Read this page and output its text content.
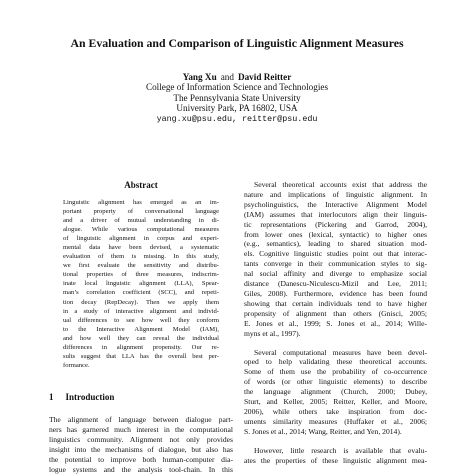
An Evaluation and Comparison of Linguistic Alignment Measures
Yang Xu and David Reitter
College of Information Science and Technologies
The Pennsylvania State University
University Park, PA 16802, USA
yang.xu@psu.edu, reitter@psu.edu
Abstract
Linguistic alignment has emerged as an im-
portant property of conversational language
and a driver of mutual understanding in di-
alogue. While various computational measures
of linguistic alignment in corpus and experi-
mental data have been devised, a systematic
evaluation of them is missing. In this study,
we first evaluate the sensitivity and distribu-
tional properties of three measures, indiscrim-
inate local linguistic alignment (LLA), Spear-
man’s correlation coefficient (SCC), and repeti-
tion decay (RepDecay). Then we apply them
in a study of interactive alignment and individ-
ual differences to see how well they conform
to the Interactive Alignment Model (IAM),
and how well they can reveal the individual
differences in alignment propensity. Our re-
sults suggest that LLA has the overall best per-
formance.
1 Introduction
The alignment of language between dialogue part-
ners has garnered much interest in the computational
linguistics community. Alignment not only provides
insight into the mechanisms of dialogue, but also has
the potential to improve both human-computer dia-
logue systems and the analysis tool-chain. In this
Several theoretical accounts exist that address the
nature and implications of linguistic alignment. In
psycholinguistics, the Interactive Alignment Model
(IAM) assumes that interlocutors align their linguis-
tic representations (Pickering and Garrod, 2004),
from lower ones (lexical, syntactic) to higher ones
(e.g., semantics), leading to shared situation mod-
els. Cognitive linguistic studies point out that interac-
tants converge in their communication styles to sig-
nal social affinity and diverge to emphasize social
distance (Danescu-Niculescu-Mizil and Lee, 2011;
Giles, 2008). Furthermore, evidence has been found
showing that certain individuals tend to have higher
propensity of alignment than others (Gnisci, 2005;
E. Jones et al., 1999; S. Jones et al., 2014; Wille-
myns et al., 1997).
Several computational measures have been devel-
oped to help validating these theoretical accounts.
Some of them use the probability of co-occurrence
of words (or other linguistic elements) to describe
the language alignment (Church, 2000; Dubey,
Sturt, and Keller, 2005; Reitter, Keller, and Moore,
2006), while others take inspiration from doc-
uments similarity measures (Huffaker et al., 2006;
S. Jones et al., 2014; Wang, Reitter, and Yen, 2014).
However, little research is available that evalu-
ates the properties of these linguistic alignment mea-
